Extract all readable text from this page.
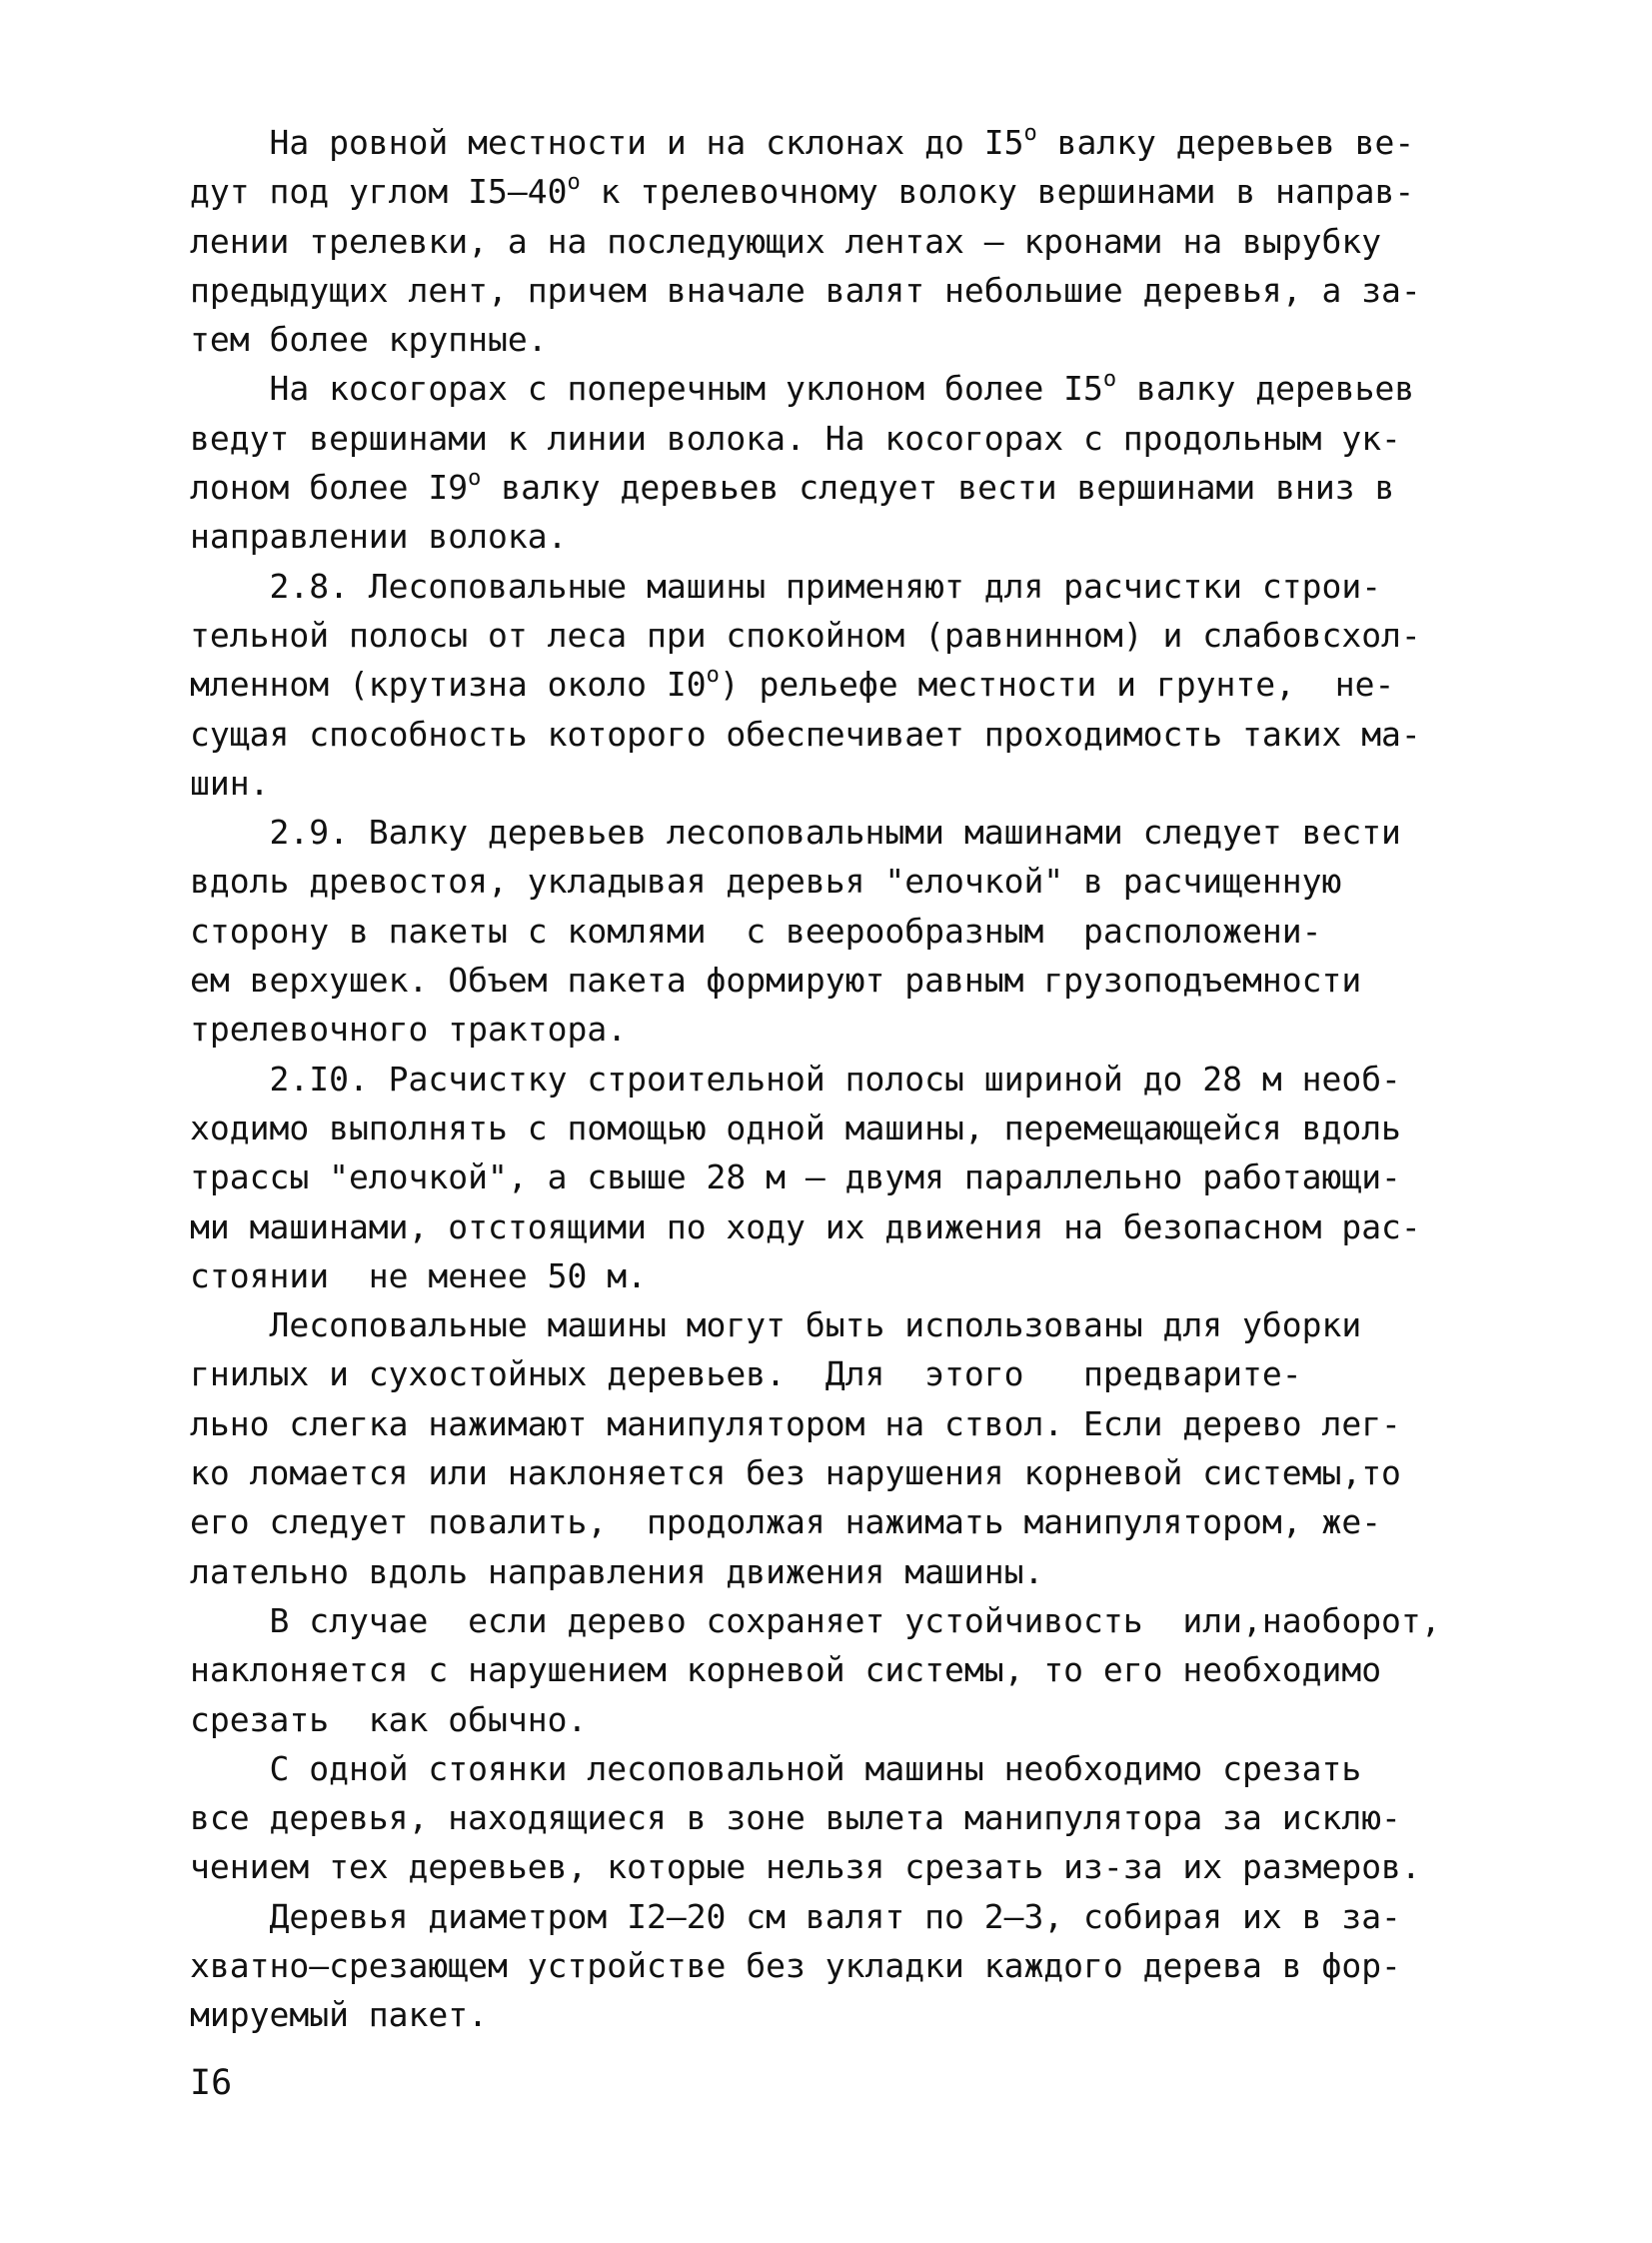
На ровной местности и на склонах до $I5^о$ валку деревьев ве-
дут под углом $I5-40^о$ к трелевочному волоку вершинами в направ-
лении трелевки, а на последующих лентах – кронами на вырубку
предыдущих лент, причем вначале валят небольшие деревья, а за-
тем более крупные.
На косогорах с поперечным уклоном более $I5^о$ валку деревьев
ведут вершинами к линии волока. На косогорах с продольным ук-
лоном более $I9^о$ валку деревьев следует вести вершинами вниз в
направлении волока.
2.8. Лесоповальные машины применяют для расчистки строи-
тельной полосы от леса при спокойном (равнинном) и слабовсхол-
мленном (крутизна около $I0^о$) рельефе местности и грунте,  не-
сущая способность которого обеспечивает проходимость таких ма-
шин.
2.9. Валку деревьев лесоповальными машинами следует вести
вдоль древостоя, укладывая деревья "елочкой" в расчищенную
сторону в пакеты с комлями  с веерообразным  расположени-
ем верхушек. Объем пакета формируют равным грузоподъемности
трелевочного трактора.
2.I0. Расчистку строительной полосы шириной до 28 м необ-
ходимо выполнять с помощью одной машины, перемещающейся вдоль
трассы "елочкой", а свыше 28 м – двумя параллельно работающи-
ми машинами, отстоящими по ходу их движения на безопасном рас-
стоянии  не менее 50 м.
Лесоповальные машины могут быть использованы для уборки
гнилых и сухостойных деревьев.  Для  этого   предварите-
льно слегка нажимают манипулятором на ствол. Если дерево лег-
ко ломается или наклоняется без нарушения корневой системы,то
его следует повалить,  продолжая нажимать манипулятором, же-
лательно вдоль направления движения машины.
В случае  если дерево сохраняет устойчивость  или,наоборот,
наклоняется с нарушением корневой системы, то его необходимо
срезать  как обычно.
С одной стоянки лесоповальной машины необходимо срезать
все деревья, находящиеся в зоне вылета манипулятора за исклю-
чением тех деревьев, которые нельзя срезать из-за их размеров.
Деревья диаметром I2–20 см валят по 2–3, собирая их в за-
хватно–срезающем устройстве без укладки каждого дерева в фор-
мируемый пакет.
I6
